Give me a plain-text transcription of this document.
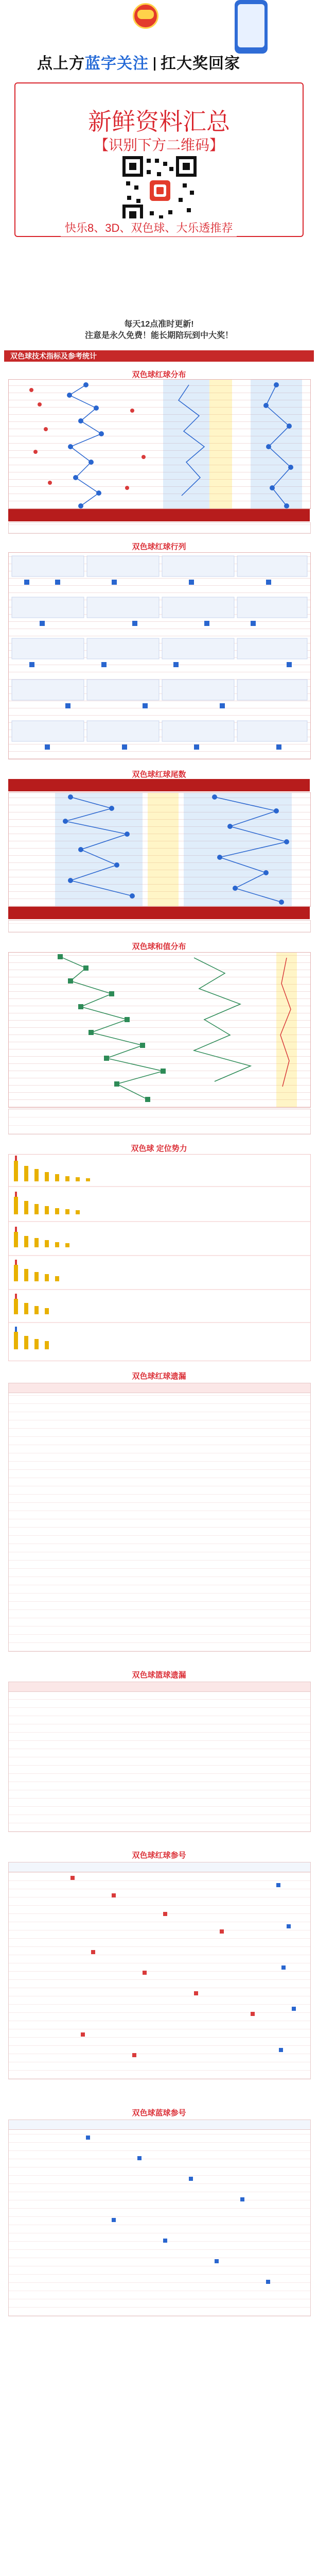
点上方蓝字关注 扛大奖回家
新鲜资料汇总
【识别下方二维码】
快乐8、3D、双色球、大乐透推荐
每天12点准时更新!
注意是永久免费！能长期陪玩到中大奖！
双色球技术指标及参考统计
双色球红球分布
双色球红球行列
双色球红球尾数
双色球和值分布
双色球 定位势力
双色球红球遗漏
双色球篮球遗漏
双色球红球参号
双色球蓝球参号
